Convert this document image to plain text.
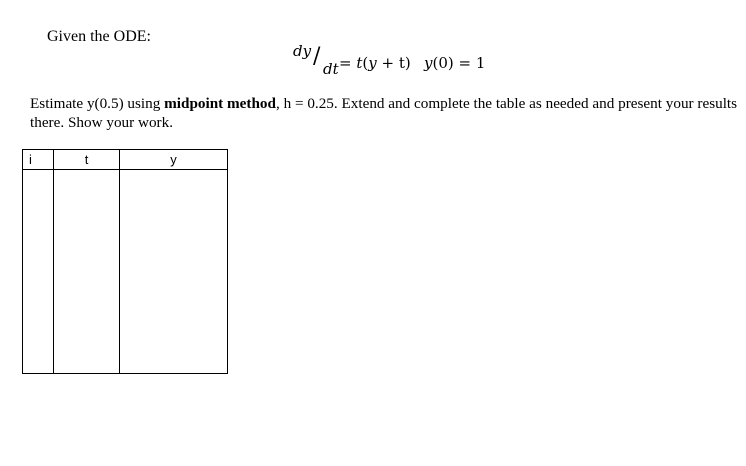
Given the ODE:
dy / dt = t(y + t) y(0) = 1
Estimate y(0.5) using midpoint method, h = 0.25. Extend and complete the table as needed and present your results there. Show your work.
i	t	y
